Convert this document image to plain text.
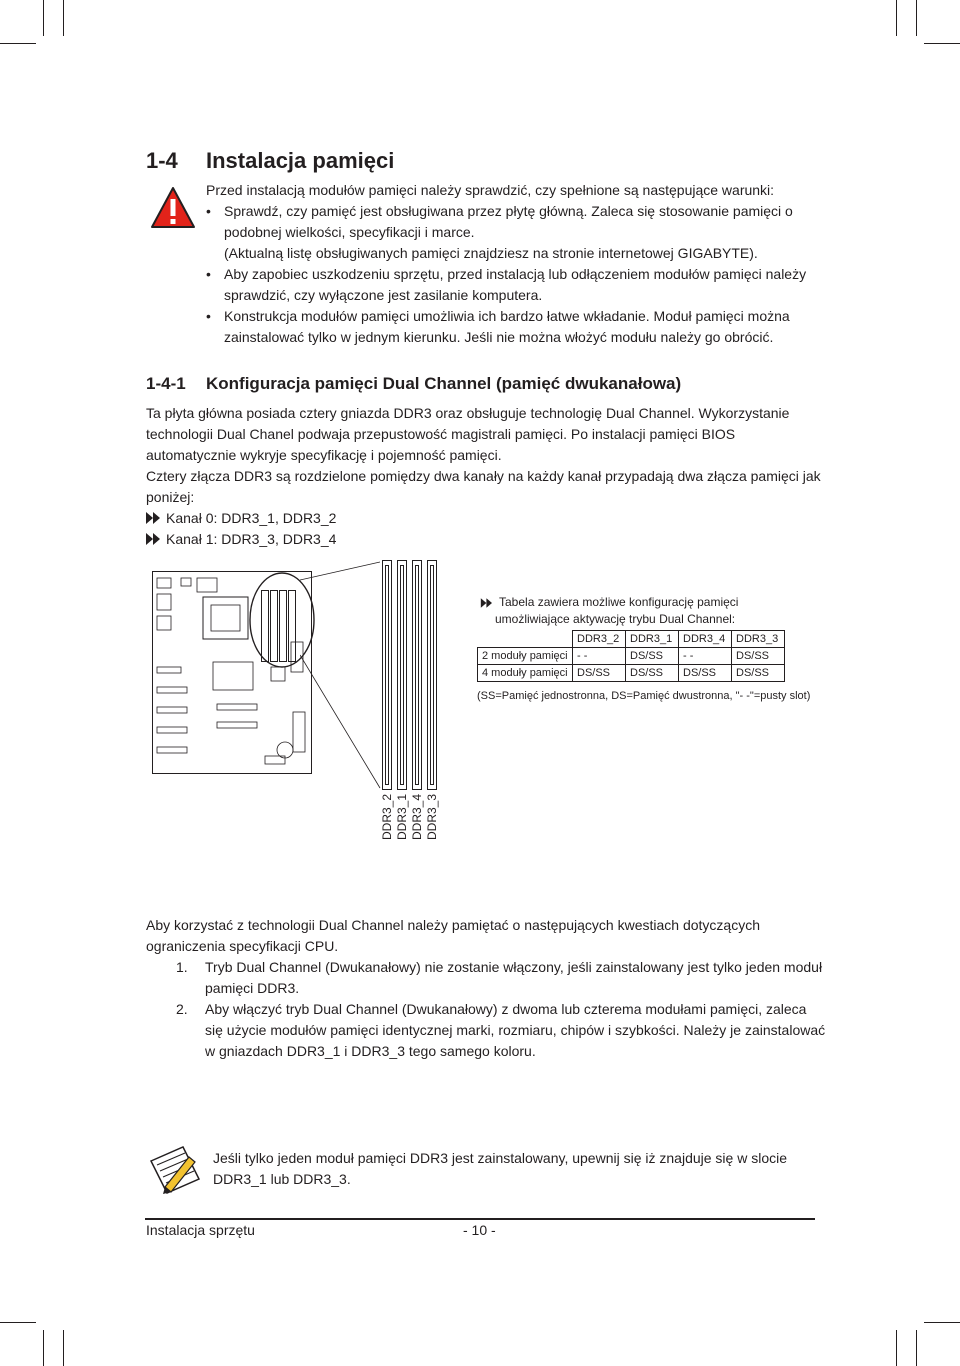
1-4 Instalacja pamięci

Przed instalacją modułów pamięci należy sprawdzić, czy spełnione są następujące warunki:

• Sprawdź, czy pamięć jest obsługiwana przez płytę główną. Zaleca się stosowanie pamięci o
podobnej wielkości, specyfikacji i marce.
(Aktualną listę obsługiwanych pamięci znajdziesz na stronie internetowej GIGABYTE).
• Aby zapobiec uszkodzeniu sprzętu, przed instalacją lub odłączeniem modułów pamięci należy
sprawdzić, czy wyłączone jest zasilanie komputera.
• Konstrukcja modułów pamięci umożliwia ich bardzo łatwe wkładanie. Moduł pamięci można
zainstalować tylko w jednym kierunku. Jeśli nie można włożyć modułu należy go obrócić.
1-4-1 Konfiguracja pamięci Dual Channel (pamięć dwukanałowa)
Ta płyta główna posiada cztery gniazda DDR3 oraz obsługuje technologię Dual Channel. Wykorzystanie
technologii Dual Chanel podwaja przepustowość magistrali pamięci. Po instalacji pamięci BIOS
automatycznie wykryje specyfikację i pojemność pamięci.
Cztery złącza DDR3 są rozdzielone pomiędzy dwa kanały na każdy kanał przypadają dwa złącza pamięci jak
poniżej:
Kanał 0: DDR3_1, DDR3_2
Kanał 1: DDR3_3, DDR3_4
DDR3_2 DDR3_1 DDR3_4 DDR3_3
Tabela zawiera możliwe konfigurację pamięci
umożliwiające aktywację trybu Dual Channel:
	DDR3_2	DDR3_1	DDR3_4	DDR3_3
2 moduły pamięci	- -	DS/SS	- -	DS/SS
4 moduły pamięci	DS/SS	DS/SS	DS/SS	DS/SS
(SS=Pamięć jednostronna, DS=Pamięć dwustronna, "- -"=pusty slot)
Aby korzystać z technologii Dual Channel należy pamiętać o następujących kwestiach dotyczących
ograniczenia specyfikacji CPU.
1. Tryb Dual Channel (Dwukanałowy) nie zostanie włączony, jeśli zainstalowany jest tylko jeden moduł
pamięci DDR3.
2. Aby włączyć tryb Dual Channel (Dwukanałowy) z dwoma lub czterema modułami pamięci, zaleca
się użycie modułów pamięci identycznej marki, rozmiaru, chipów i szybkości. Należy je zainstalować
w gniazdach DDR3_1 i DDR3_3 tego samego koloru.
Jeśli tylko jeden moduł pamięci DDR3 jest zainstalowany, upewnij się iż znajduje się w slocie
DDR3_1 lub DDR3_3.
Instalacja sprzętu	- 10 -
